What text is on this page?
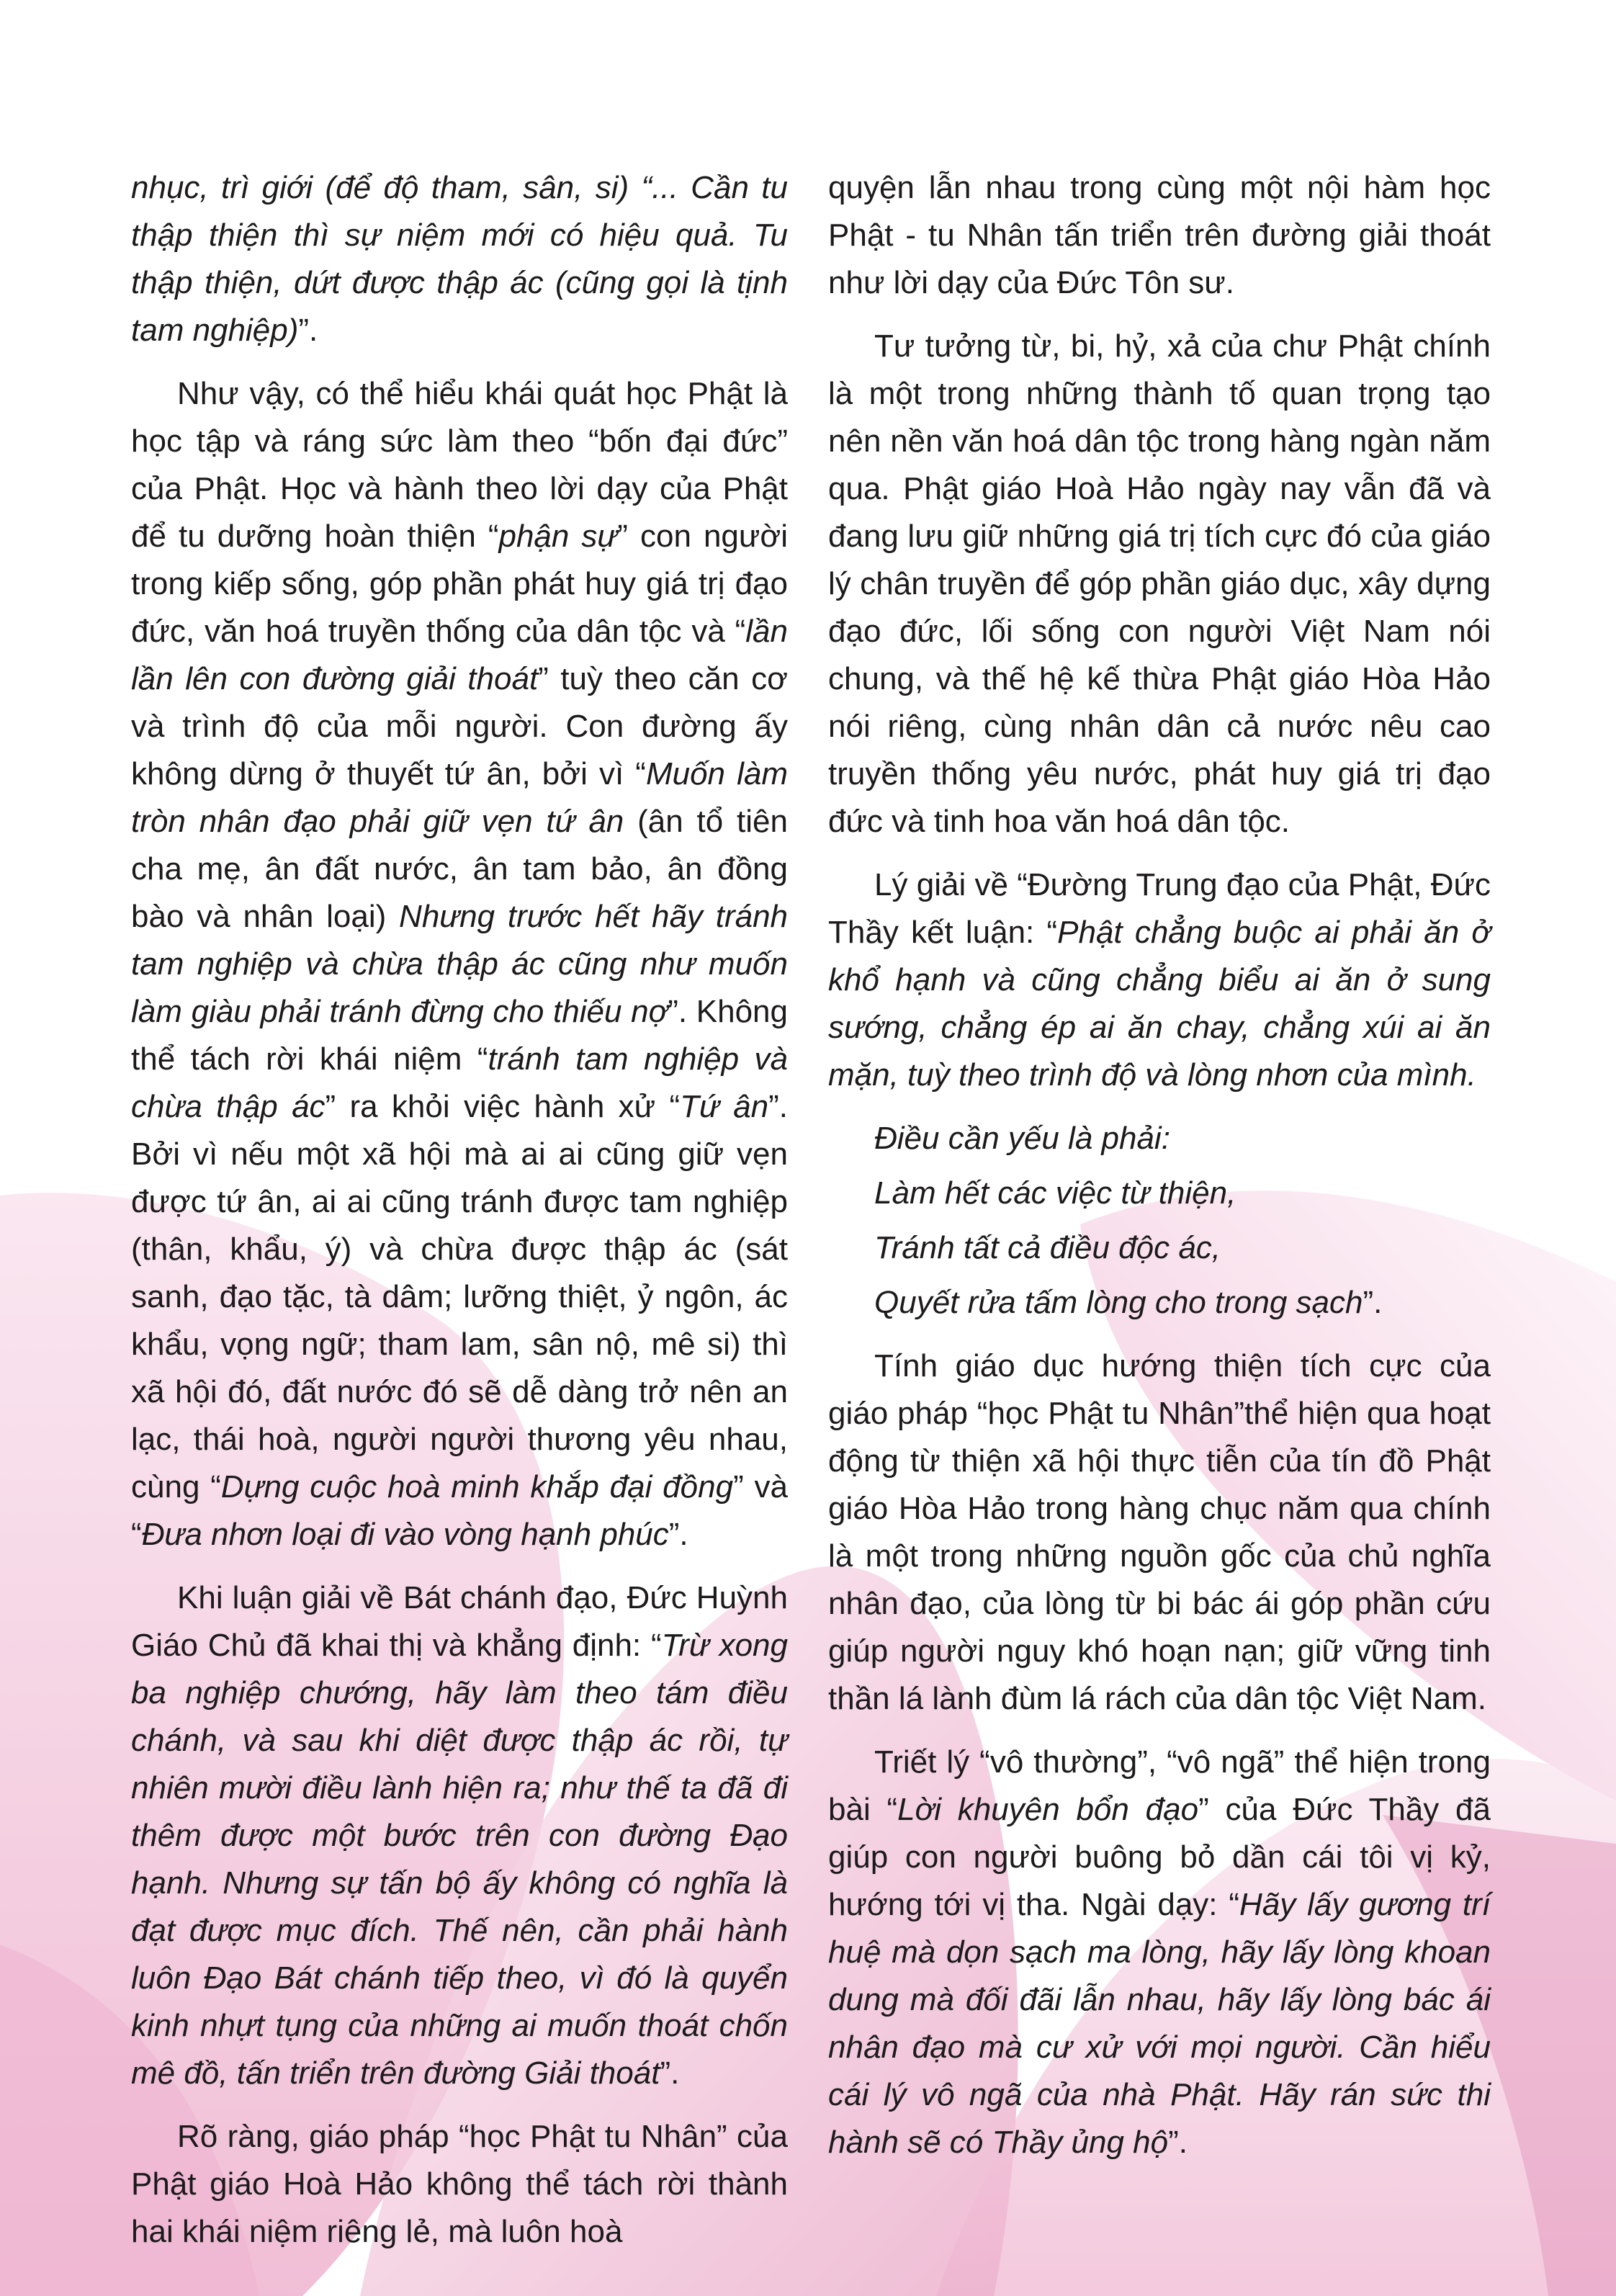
nhục, trì giới (để độ tham, sân, si) “... Cần tu thập thiện thì sự niệm mới có hiệu quả. Tu thập thiện, dứt được thập ác (cũng gọi là tịnh tam nghiệp)”.

Như vậy, có thể hiểu khái quát học Phật là học tập và ráng sức làm theo “bốn đại đức” của Phật. Học và hành theo lời dạy của Phật để tu dưỡng hoàn thiện “phận sự” con người trong kiếp sống, góp phần phát huy giá trị đạo đức, văn hoá truyền thống của dân tộc và “lần lần lên con đường giải thoát” tuỳ theo căn cơ và trình độ của mỗi người. Con đường ấy không dừng ở thuyết tứ ân, bởi vì “Muốn làm tròn nhân đạo phải giữ vẹn tứ ân (ân tổ tiên cha mẹ, ân đất nước, ân tam bảo, ân đồng bào và nhân loại) Nhưng trước hết hãy tránh tam nghiệp và chừa thập ác cũng như muốn làm giàu phải tránh đừng cho thiếu nợ”. Không thể tách rời khái niệm “tránh tam nghiệp và chừa thập ác” ra khỏi việc hành xử “Tứ ân”. Bởi vì nếu một xã hội mà ai ai cũng giữ vẹn được tứ ân, ai ai cũng tránh được tam nghiệp (thân, khẩu, ý) và chừa được thập ác (sát sanh, đạo tặc, tà dâm; lưỡng thiệt, ỷ ngôn, ác khẩu, vọng ngữ; tham lam, sân nộ, mê si) thì xã hội đó, đất nước đó sẽ dễ dàng trở nên an lạc, thái hoà, người người thương yêu nhau, cùng “Dựng cuộc hoà minh khắp đại đồng” và “Đưa nhơn loại đi vào vòng hạnh phúc”.

Khi luận giải về Bát chánh đạo, Đức Huỳnh Giáo Chủ đã khai thị và khẳng định: “Trừ xong ba nghiệp chướng, hãy làm theo tám điều chánh, và sau khi diệt được thập ác rồi, tự nhiên mười điều lành hiện ra; như thế ta đã đi thêm được một bước trên con đường Đạo hạnh. Nhưng sự tấn bộ ấy không có nghĩa là đạt được mục đích. Thế nên, cần phải hành luôn Đạo Bát chánh tiếp theo, vì đó là quyển kinh nhựt tụng của những ai muốn thoát chốn mê đồ, tấn triển trên đường Giải thoát”.

Rõ ràng, giáo pháp “học Phật tu Nhân” của Phật giáo Hoà Hảo không thể tách rời thành hai khái niệm riêng lẻ, mà luôn hoà

quyện lẫn nhau trong cùng một nội hàm học Phật - tu Nhân tấn triển trên đường giải thoát như lời dạy của Đức Tôn sư.

Tư tưởng từ, bi, hỷ, xả của chư Phật chính là một trong những thành tố quan trọng tạo nên nền văn hoá dân tộc trong hàng ngàn năm qua. Phật giáo Hoà Hảo ngày nay vẫn đã và đang lưu giữ những giá trị tích cực đó của giáo lý chân truyền để góp phần giáo dục, xây dựng đạo đức, lối sống con người Việt Nam nói chung, và thế hệ kế thừa Phật giáo Hòa Hảo nói riêng, cùng nhân dân cả nước nêu cao truyền thống yêu nước, phát huy giá trị đạo đức và tinh hoa văn hoá dân tộc.

Lý giải về “Đường Trung đạo của Phật, Đức Thầy kết luận: “Phật chẳng buộc ai phải ăn ở khổ hạnh và cũng chẳng biểu ai ăn ở sung sướng, chẳng ép ai ăn chay, chẳng xúi ai ăn mặn, tuỳ theo trình độ và lòng nhơn của mình.

Điều cần yếu là phải:

Làm hết các việc từ thiện,

Tránh tất cả điều độc ác,

Quyết rửa tấm lòng cho trong sạch”.

Tính giáo dục hướng thiện tích cực của giáo pháp “học Phật tu Nhân”thể hiện qua hoạt động từ thiện xã hội thực tiễn của tín đồ Phật giáo Hòa Hảo trong hàng chục năm qua chính là một trong những nguồn gốc của chủ nghĩa nhân đạo, của lòng từ bi bác ái góp phần cứu giúp người nguy khó hoạn nạn; giữ vững tinh thần lá lành đùm lá rách của dân tộc Việt Nam.

Triết lý “vô thường”, “vô ngã” thể hiện trong bài “Lời khuyên bổn đạo” của Đức Thầy đã giúp con người buông bỏ dần cái tôi vị kỷ, hướng tới vị tha. Ngài dạy: “Hãy lấy gương trí huệ mà dọn sạch ma lòng, hãy lấy lòng khoan dung mà đối đãi lẫn nhau, hãy lấy lòng bác ái nhân đạo mà cư xử với mọi người. Cần hiểu cái lý vô ngã của nhà Phật. Hãy rán sức thi hành sẽ có Thầy ủng hộ”.
